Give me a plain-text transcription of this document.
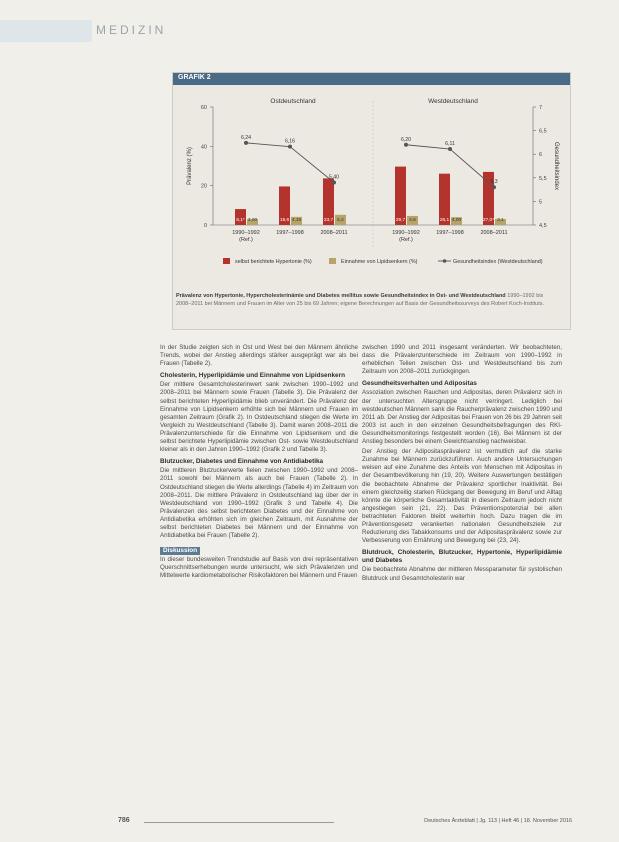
MEDIZIN
GRAFIK 2
0
20
40
60
4,5
5
5,5
6
6,5
7
Prävalenz (%)	Gesundheitsindex
Ostdeutschland
1990–1992
(Ref.)
1997–1998	2008–2011
Westdeutschland
1990–1992
(Ref.)
1997–1998	2008–2011
8,1* 3,00	19,6 4,15	23,7 5,2	29,7 4,6	26,1 4,00	27,0* 3,1
6,24
6,16
5,40
6,20
6,11
5,3
selbst berichtete Hypertonie (%)	Einnahme von Lipidsenkern (%)	Gesundheitsindex (Westdeutschland)
Prävalenz von Hypertonie, Hypercholesterinämie und Diabetes mellitus sowie Gesundheitsindex in Ost- und Westdeutschland 1990–1992 bis 2008–2011 bei Männern und Frauen im Alter von 25 bis 69 Jahren; eigene Berechnungen auf Basis der Gesundheitssurveys des Robert Koch-Instituts.

In der Studie zeigten sich in Ost und West bei den Männern ähnliche Trends, wobei der Anstieg allerdings stärker ausgeprägt war als bei Frauen (Tabelle 2).

Cholesterin, Hyperlipidämie und Einnahme von Lipidsenkern

Der mittlere Gesamtcholesterinwert sank zwischen 1990–1992 und 2008–2011 bei Männern sowie Frauen (Tabelle 3). Die Prävalenz der selbst berichteten Hyperlipidämie blieb unverändert. Die Prävalenz der Einnahme von Lipidsenkern erhöhte sich bei Männern und Frauen im gesamten Zeitraum (Grafik 2). In Ostdeutschland stiegen die Werte im Vergleich zu Westdeutschland (Tabelle 3). Damit waren 2008–2011 die Prävalenzunterschiede für die Einnahme von Lipidsenkern und die selbst berichtete Hyperlipidämie zwischen Ost- sowie Westdeutschland kleiner als in den Jahren 1990–1992 (Grafik 2 und Tabelle 3).

Blutzucker, Diabetes und Einnahme von Antidiabetika

Die mittleren Blutzuckerwerte fielen zwischen 1990–1992 und 2008–2011 sowohl bei Männern als auch bei Frauen (Tabelle 2). In Ostdeutschland stiegen die Werte allerdings (Tabelle 4) im Zeitraum von 2008–2011. Die mittlere Prävalenz in Ostdeutschland lag über der in Westdeutschland von 1990–1992 (Grafik 3 und Tabelle 4). Die Prävalenzen des selbst berichteten Diabetes und der Einnahme von Antidiabetika erhöhten sich im gleichen Zeitraum, mit Ausnahme der selbst berichteten Diabetes bei Männern und der Einnahme von Antidiabetika bei Frauen (Tabelle 2).

Diskussion

In dieser bundesweiten Trendstudie auf Basis von drei repräsentativen Querschnittserhebungen wurde untersucht, wie sich Prävalenzen und Mittelwerte kardiometabolischer Risikofaktoren bei Männern und Frauen

zwischen 1990 und 2011 insgesamt veränderten. Wir beobachteten, dass die Prävalenzunterschiede im Zeitraum von 1990–1992 in erheblichen Teilen zwischen Ost- und Westdeutschland bis zum Zeitraum von 2008–2011 zurückgingen.

Gesundheitsverhalten und Adipositas

Assoziation zwischen Rauchen und Adipositas, deren Prävalenz sich in der untersuchten Altersgruppe nicht verringert. Lediglich bei westdeutschen Männern sank die Raucherprävalenz zwischen 1990 und 2011 ab. Der Anstieg der Adipositas bei Frauen von 26 bis 29 Jahren seit 2003 ist auch in den einzelnen Gesundheitsbefragungen des RKI-Gesundheitsmonitorings festgestellt worden (16). Bei Männern ist der Anstieg besonders bei einem Gewichtsanstieg nachweisbar.

Der Anstieg der Adipositasprävalenz ist vermutlich auf die starke Zunahme bei Männern zurückzuführen. Auch andere Untersuchungen weisen auf eine Zunahme des Anteils von Menschen mit Adipositas in der Gesamtbevölkerung hin (19, 20). Weitere Auswertungen bestätigen die beobachtete Abnahme der Prävalenz sportlicher Inaktivität. Bei einem gleichzeitig starken Rückgang der Bewegung im Beruf und Alltag könnte die körperliche Gesamtaktivität in diesem Zeitraum jedoch nicht angestiegen sein (21, 22). Das Präventionspotenzial bei allen betrachteten Faktoren bleibt weiterhin hoch. Dazu tragen die im Präventionsgesetz verankerten nationalen Gesundheitsziele zur Reduzierung des Tabakkonsums und der Adipositasprävalenz sowie zur Verbesserung von Ernährung und Bewegung bei (23, 24).

Blutdruck, Cholesterin, Blutzucker, Hypertonie, Hyperlipidämie und Diabetes

Die beobachtete Abnahme der mittleren Messparameter für systolischen Blutdruck und Gesamtcholesterin war

786	Deutsches Ärzteblatt | Jg. 113 | Heft 46 | 18. November 2016
